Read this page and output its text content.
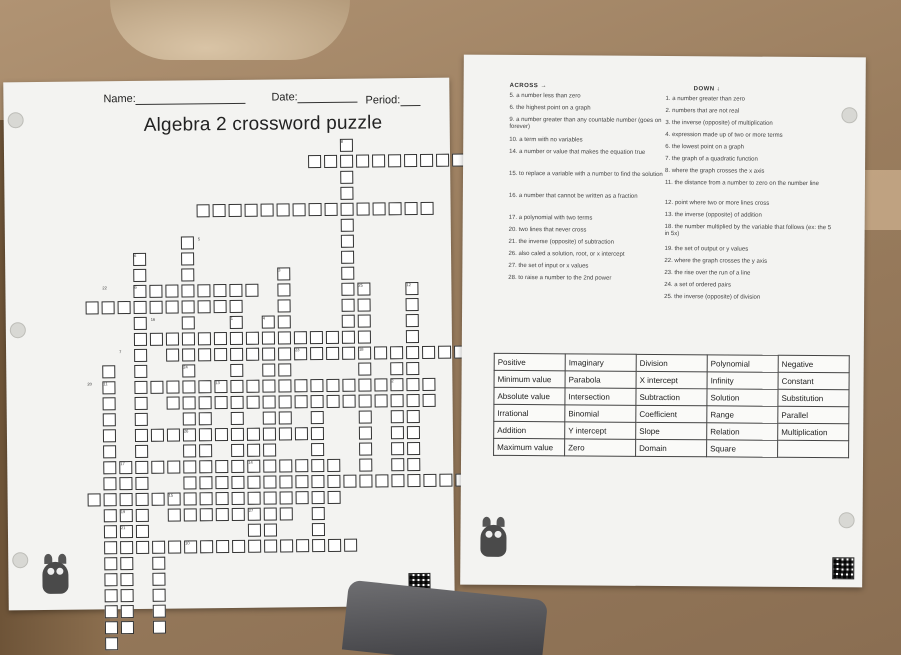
Name:	Date:	Period:
Algebra 2 crossword puzzle
8
5
3
22
6
4
25	12
1
9
16
7	23	18
24
20	11	13	2
26
17	14
15
27
19
21
10
ACROSS →
DOWN ↓
5. a number less than zero
6. the highest point on a graph
9. a number greater than any countable number (goes on forever)
10. a term with no variables
14. a number or value that makes the equation true
15. to replace a variable with a number to find the solution
16. a number that cannot be written as a fraction
17. a polynomial with two terms
20. two lines that never cross
21. the inverse (opposite) of subtraction
26. also caled a solution, root, or x intercept
27. the set of input or x values
28. to raise a number to the 2nd power
1. a number greater than zero
2. numbers that are not real
3. the inverse (opposite) of multiplication
4. expression made up of two or more terms
6. the lowest point on a graph
7. the graph of a quadratic function
8. where the graph crosses the x axis
11. the distance from a number to zero on the number line
12. point where two or more lines cross
13. the inverse (opposite) of addition
18. the number multiplied by the variable that follows (ex: the 5 in 5x)
19. the set of output or y values
22. where the graph crosses the y axis
23. the rise over the run of a line
24. a set of ordered pairs
25. the inverse (opposite) of division
Positive	Imaginary	Division	Polynomial	Negative
Minimum value	Parabola	X intercept	Infinity	Constant
Absolute value	Intersection	Subtraction	Solution	Substitution
Irrational	Binomial	Coefficient	Range	Parallel
Addition	Y intercept	Slope	Relation	Multiplication
Maximum value	Zero	Domain	Square	
